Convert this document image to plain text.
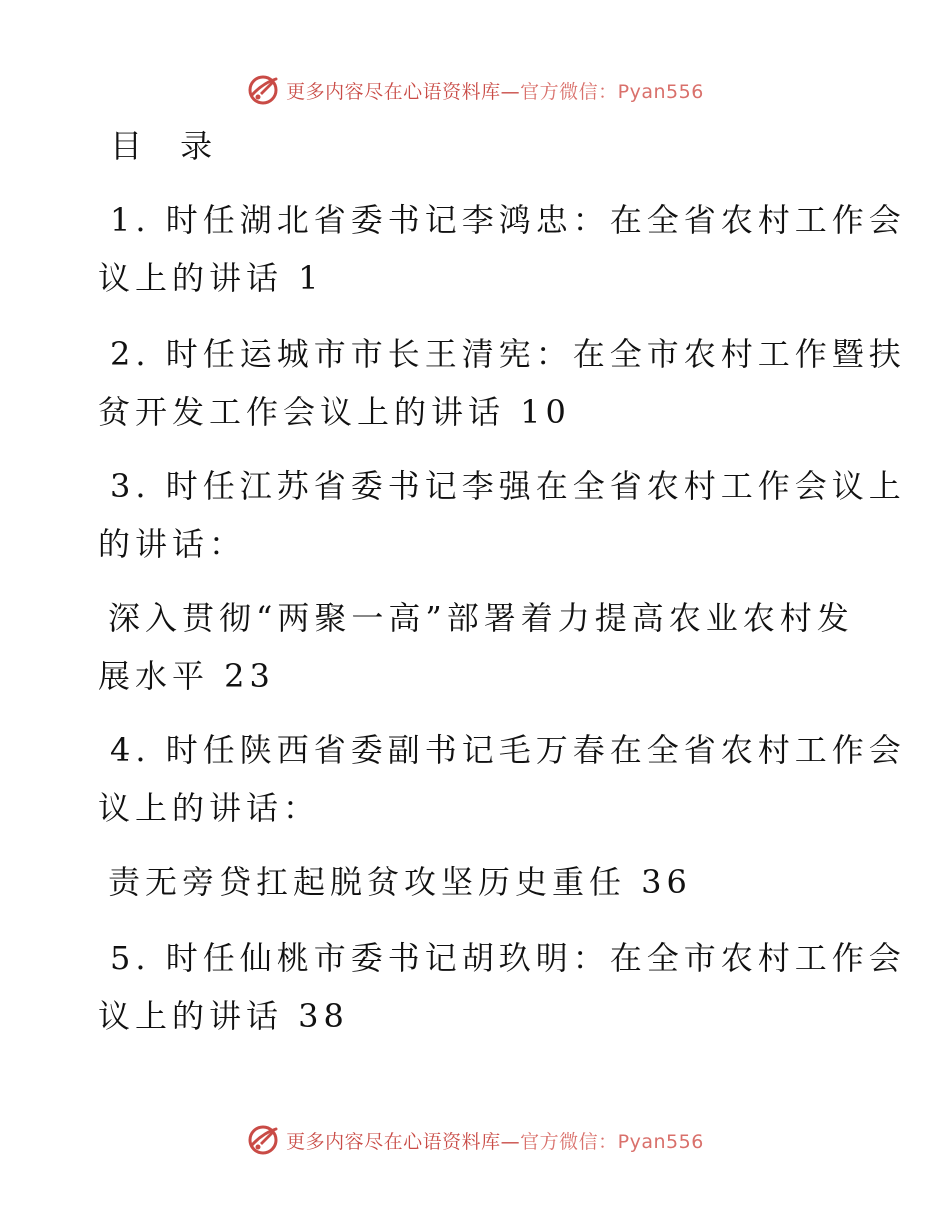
更多内容尽在心语资料库—官方微信：Pyan556
目 录
1. 时任湖北省委书记李鸿忠：在全省农村工作会
议上的讲话 1
2. 时任运城市市长王清宪：在全市农村工作暨扶
贫开发工作会议上的讲话 10
3. 时任江苏省委书记李强在全省农村工作会议上
的讲话：
深入贯彻“两聚一高”部署着力提高农业农村发
展水平 23
4. 时任陕西省委副书记毛万春在全省农村工作会
议上的讲话：
责无旁贷扛起脱贫攻坚历史重任 36
5. 时任仙桃市委书记胡玖明：在全市农村工作会
议上的讲话 38
更多内容尽在心语资料库—官方微信：Pyan556
